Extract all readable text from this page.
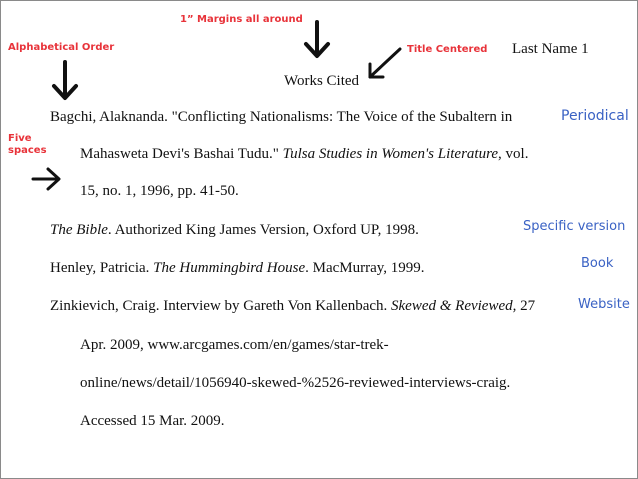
1” Margins all around
Alphabetical Order	Title Centered
Five
spaces
Last Name 1
Works Cited
Periodical
Specific version
Book
Website
Bagchi, Alaknanda. "Conflicting Nationalisms: The Voice of the Subaltern in
Mahasweta Devi's Bashai Tudu." Tulsa Studies in Women's Literature, vol.
15, no. 1, 1996, pp. 41-50.
The Bible. Authorized King James Version, Oxford UP, 1998.
Henley, Patricia. The Hummingbird House. MacMurray, 1999.
Zinkievich, Craig. Interview by Gareth Von Kallenbach. Skewed & Reviewed, 27
Apr. 2009, www.arcgames.com/en/games/star-trek-
online/news/detail/1056940-skewed-%2526-reviewed-interviews-craig.
Accessed 15 Mar. 2009.
